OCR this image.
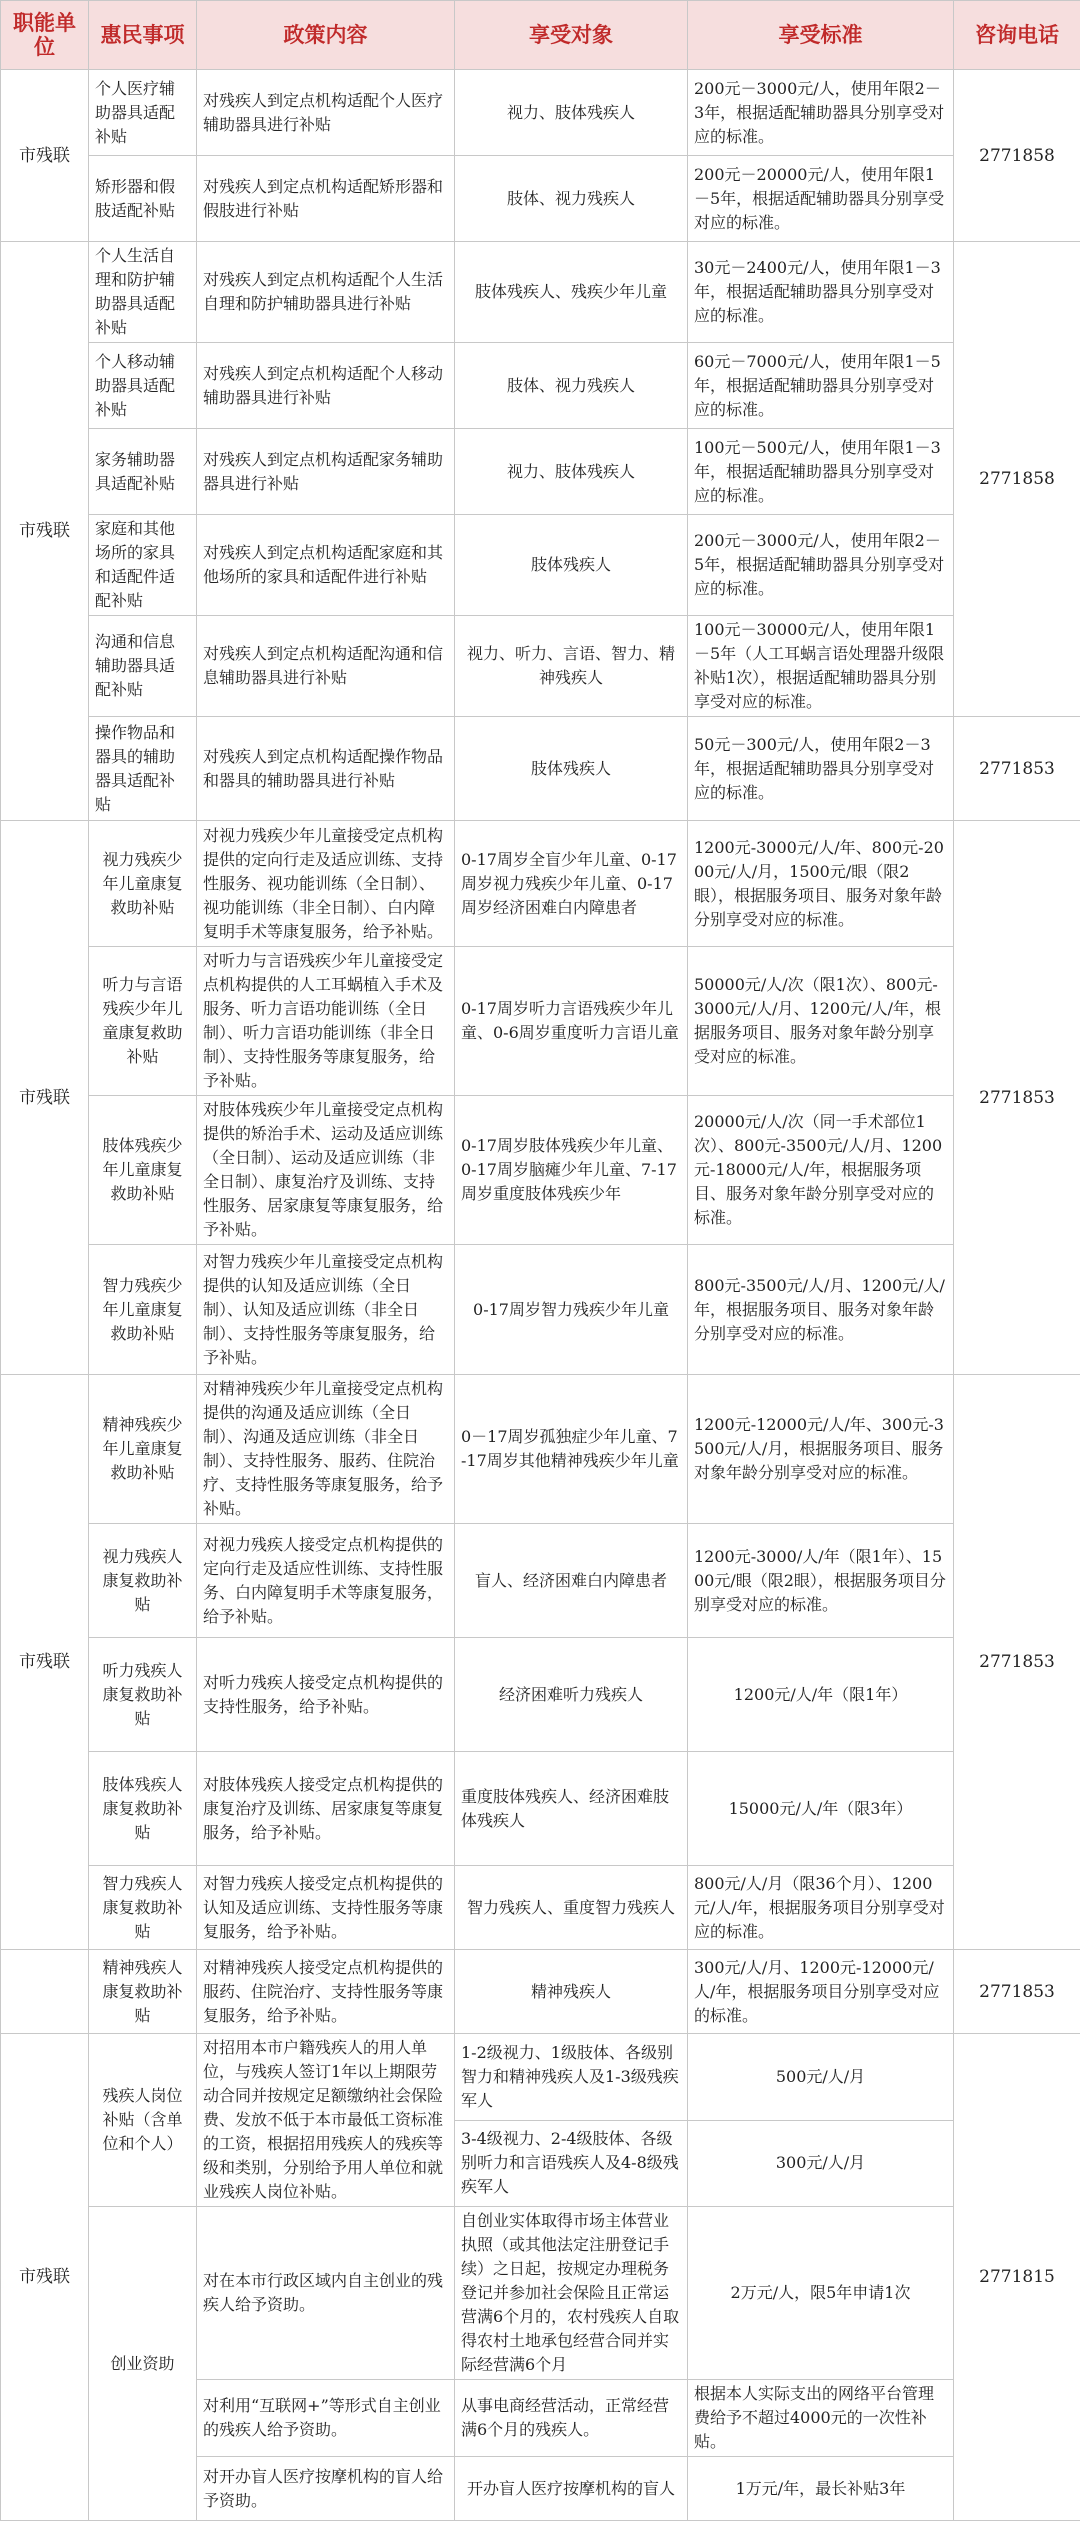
职能单位	惠民事项	政策内容	享受对象	享受标准	咨询电话
市残联	个人医疗辅助器具适配补贴	对残疾人到定点机构适配个人医疗辅助器具进行补贴	视力、肢体残疾人	200元－3000元/人，使用年限2－3年，根据适配辅助器具分别享受对应的标准。	2771858
	矫形器和假肢适配补贴	对残疾人到定点机构适配矫形器和假肢进行补贴	肢体、视力残疾人	200元－20000元/人，使用年限1－5年，根据适配辅助器具分别享受对应的标准。	
市残联	个人生活自理和防护辅助器具适配补贴	对残疾人到定点机构适配个人生活自理和防护辅助器具进行补贴	肢体残疾人、残疾少年儿童	30元－2400元/人，使用年限1－3年，根据适配辅助器具分别享受对应的标准。	2771858
	个人移动辅助器具适配补贴	对残疾人到定点机构适配个人移动辅助器具进行补贴	肢体、视力残疾人	60元－7000元/人，使用年限1－5年，根据适配辅助器具分别享受对应的标准。	
	家务辅助器具适配补贴	对残疾人到定点机构适配家务辅助器具进行补贴	视力、肢体残疾人	100元－500元/人，使用年限1－3年，根据适配辅助器具分别享受对应的标准。	
	家庭和其他场所的家具和适配件适配补贴	对残疾人到定点机构适配家庭和其他场所的家具和适配件进行补贴	肢体残疾人	200元－3000元/人，使用年限2－5年，根据适配辅助器具分别享受对应的标准。	
	沟通和信息辅助器具适配补贴	对残疾人到定点机构适配沟通和信息辅助器具进行补贴	视力、听力、言语、智力、精神残疾人	100元－30000元/人，使用年限1－5年（人工耳蜗言语处理器升级限补贴1次），根据适配辅助器具分别享受对应的标准。	
	操作物品和器具的辅助器具适配补贴	对残疾人到定点机构适配操作物品和器具的辅助器具进行补贴	肢体残疾人	50元－300元/人，使用年限2－3年，根据适配辅助器具分别享受对应的标准。	2771853
市残联	视力残疾少年儿童康复救助补贴	对视力残疾少年儿童接受定点机构提供的定向行走及适应训练、支持性服务、视功能训练（全日制）、视功能训练（非全日制）、白内障复明手术等康复服务，给予补贴。	0-17周岁全盲少年儿童、0-17周岁视力残疾少年儿童、0-17周岁经济困难白内障患者	1200元-3000元/人/年、800元-2000元/人/月，1500元/眼（限2眼），根据服务项目、服务对象年龄分别享受对应的标准。	2771853
	听力与言语残疾少年儿童康复救助补贴	对听力与言语残疾少年儿童接受定点机构提供的人工耳蜗植入手术及服务、听力言语功能训练（全日制）、听力言语功能训练（非全日制）、支持性服务等康复服务，给予补贴。	0-17周岁听力言语残疾少年儿童、0-6周岁重度听力言语儿童	50000元/人/次（限1次）、800元-3000元/人/月、1200元/人/年，根据服务项目、服务对象年龄分别享受对应的标准。	
	肢体残疾少年儿童康复救助补贴	对肢体残疾少年儿童接受定点机构提供的矫治手术、运动及适应训练（全日制）、运动及适应训练（非全日制）、康复治疗及训练、支持性服务、居家康复等康复服务，给予补贴。	0-17周岁肢体残疾少年儿童、0-17周岁脑瘫少年儿童、7-17周岁重度肢体残疾少年	20000元/人/次（同一手术部位1次）、800元-3500元/人/月、1200元-18000元/人/年，根据服务项目、服务对象年龄分别享受对应的标准。	
	智力残疾少年儿童康复救助补贴	对智力残疾少年儿童接受定点机构提供的认知及适应训练（全日制）、认知及适应训练（非全日制）、支持性服务等康复服务，给予补贴。	0-17周岁智力残疾少年儿童	800元-3500元/人/月、1200元/人/年，根据服务项目、服务对象年龄分别享受对应的标准。	
市残联	精神残疾少年儿童康复救助补贴	对精神残疾少年儿童接受定点机构提供的沟通及适应训练（全日制）、沟通及适应训练（非全日制）、支持性服务、服药、住院治疗、支持性服务等康复服务，给予补贴。	0－17周岁孤独症少年儿童、7-17周岁其他精神残疾少年儿童	1200元-12000元/人/年、300元-3500元/人/月，根据服务项目、服务对象年龄分别享受对应的标准。	2771853
	视力残疾人康复救助补贴	对视力残疾人接受定点机构提供的定向行走及适应性训练、支持性服务、白内障复明手术等康复服务，给予补贴。	盲人、经济困难白内障患者	1200元-3000/人/年（限1年）、1500元/眼（限2眼），根据服务项目分别享受对应的标准。	
	听力残疾人康复救助补贴	对听力残疾人接受定点机构提供的支持性服务，给予补贴。	经济困难听力残疾人	1200元/人/年（限1年）	
	肢体残疾人康复救助补贴	对肢体残疾人接受定点机构提供的康复治疗及训练、居家康复等康复服务，给予补贴。	重度肢体残疾人、经济困难肢体残疾人	15000元/人/年（限3年）	
	智力残疾人康复救助补贴	对智力残疾人接受定点机构提供的认知及适应训练、支持性服务等康复服务，给予补贴。	智力残疾人、重度智力残疾人	800元/人/月（限36个月）、1200元/人/年，根据服务项目分别享受对应的标准。	
	精神残疾人康复救助补贴	对精神残疾人接受定点机构提供的服药、住院治疗、支持性服务等康复服务，给予补贴。	精神残疾人	300元/人/月、1200元-12000元/人/年，根据服务项目分别享受对应的标准。	2771853
市残联	残疾人岗位补贴（含单位和个人）	对招用本市户籍残疾人的用人单位，与残疾人签订1年以上期限劳动合同并按规定足额缴纳社会保险费、发放不低于本市最低工资标准的工资，根据招用残疾人的残疾等级和类别，分别给予用人单位和就业残疾人岗位补贴。	1-2级视力、1级肢体、各级别智力和精神残疾人及1-3级残疾军人	500元/人/月	2771815
			3-4级视力、2-4级肢体、各级别听力和言语残疾人及4-8级残疾军人	300元/人/月	
	创业资助	对在本市行政区域内自主创业的残疾人给予资助。	自创业实体取得市场主体营业执照（或其他法定注册登记手续）之日起，按规定办理税务登记并参加社会保险且正常运营满6个月的，农村残疾人自取得农村土地承包经营合同并实际经营满6个月	2万元/人，限5年申请1次	
		对利用“互联网+”等形式自主创业的残疾人给予资助。	从事电商经营活动，正常经营满6个月的残疾人。	根据本人实际支出的网络平台管理费给予不超过4000元的一次性补贴。	
		对开办盲人医疗按摩机构的盲人给予资助。	开办盲人医疗按摩机构的盲人	1万元/年，最长补贴3年	
